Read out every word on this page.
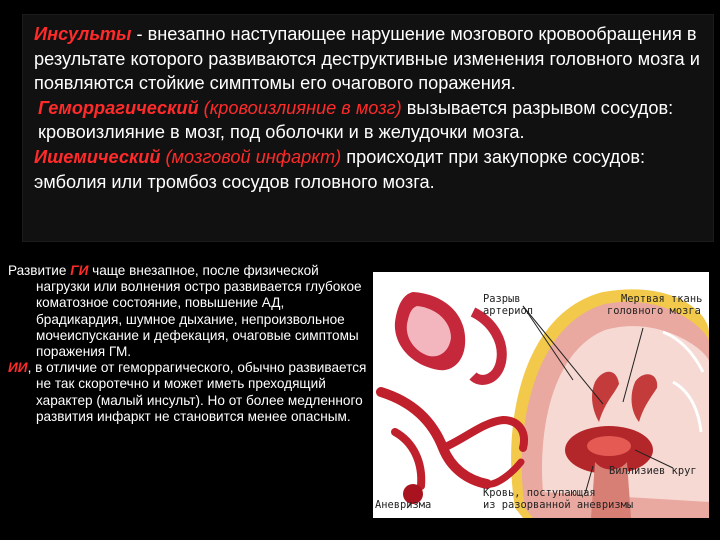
Инсульты - внезапно наступающее нарушение мозгового кровообращения в результате которого развиваются деструктивные изменения головного мозга и появляются стойкие симптомы его очагового поражения.

Геморрагический (кровоизлияние в мозг) вызывается разрывом сосудов: кровоизлияние в мозг, под оболочки и в желудочки мозга.

Ишемический (мозговой инфаркт) происходит при закупорке сосудов: эмболия или тромбоз сосудов головного мозга.

Развитие ГИ чаще внезапное, после физической нагрузки или волнения остро развивается глубокое коматозное состояние, повышение АД, брадикардия, шумное дыхание, непроизвольное мочеиспускание и дефекация, очаговые симптомы поражения ГМ.

ИИ, в отличие от геморрагического, обычно развивается не так скоротечно и может иметь преходящий характер (малый инсульт). Но от более медленного развития инфаркт не становится менее опасным.

Разрыв
артериол
Мертвая ткань
головного мозга
Виллизиев круг
Кровь, поступающая
из разорванной аневризмы
Аневризма
